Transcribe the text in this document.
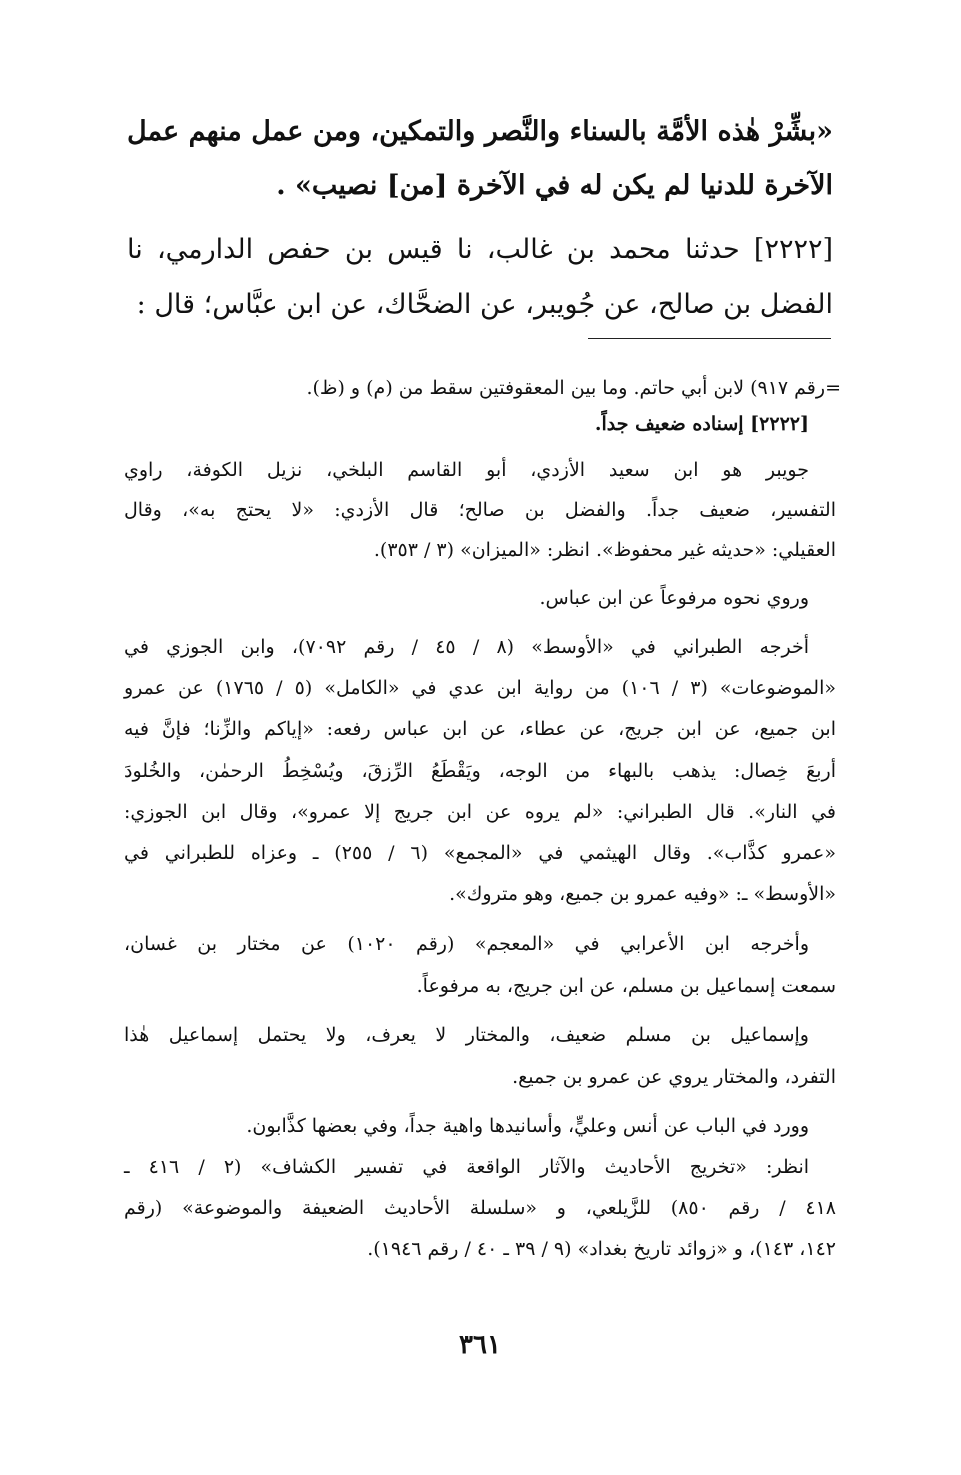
«بشِّرْ هٰذه الأمَّة بالسناء والنَّصر والتمكين، ومن عمل منهم عمل
الآخرة للدنيا لم يكن له في الآخرة [من] نصيب» .
[٢٢٢٢] حدثنا محمد بن غالب، نا قيس بن حفص الدارمي، نا
الفضل بن صالح، عن جُويبر، عن الضحَّاك، عن ابن عبَّاس؛ قال :
=رقم ٩١٧) لابن أبي حاتم. وما بين المعقوفتين سقط من (م) و (ظ).
[٢٢٢٢] إسناده ضعيف جداً.
جويبر هو ابن سعيد الأزدي، أبو القاسم البلخي، نزيل الكوفة، راوي
التفسير، ضعيف جداً. والفضل بن صالح؛ قال الأزدي: «لا يحتج به»، وقال
العقيلي: «حديثه غير محفوظ». انظر: «الميزان» (٣ / ٣٥٣).
وروي نحوه مرفوعاً عن ابن عباس.
أخرجه الطبراني في «الأوسط» (٨ / ٤٥ / رقم ٧٠٩٢)، وابن الجوزي في
«الموضوعات» (٣ / ١٠٦) من رواية ابن عدي في «الكامل» (٥ / ١٧٦٥) عن عمرو
ابن جميع، عن ابن جريج، عن عطاء، عن ابن عباس رفعه: «إياكم والزِّنا؛ فإنَّ فيه
أربعَ خِصال: يذهب بالبهاء من الوجه، ويَقْطَعُ الرِّزقَ، ويُسْخِطُ الرحمٰن، والخُلودَ
في النار». قال الطبراني: «لم يروه عن ابن جريج إلا عمرو»، وقال ابن الجوزي:
«عمرو كذَّاب». وقال الهيثمي في «المجمع» (٦ / ٢٥٥) ـ وعزاه للطبراني في
«الأوسط» ـ: «وفيه عمرو بن جميع، وهو متروك».
وأخرجه ابن الأعرابي في «المعجم» (رقم ١٠٢٠) عن مختار بن غسان،
سمعت إسماعيل بن مسلم، عن ابن جريج، به مرفوعاً.
وإسماعيل بن مسلم ضعيف، والمختار لا يعرف، ولا يحتمل إسماعيل هٰذا
التفرد، والمختار يروي عن عمرو بن جميع.
وورد في الباب عن أنس وعليٍّ، وأسانيدها واهية جداً، وفي بعضها كذَّابون.
انظر: «تخريج الأحاديث والآثار الواقعة في تفسير الكشاف» (٢ / ٤١٦ ـ
٤١٨ / رقم ٨٥٠) للزَّيلعي، و «سلسلة الأحاديث الضعيفة والموضوعة» (رقم
١٤٢، ١٤٣)، و «زوائد تاريخ بغداد» (٩ / ٣٩ ـ ٤٠ / رقم ١٩٤٦).
٣٦١
